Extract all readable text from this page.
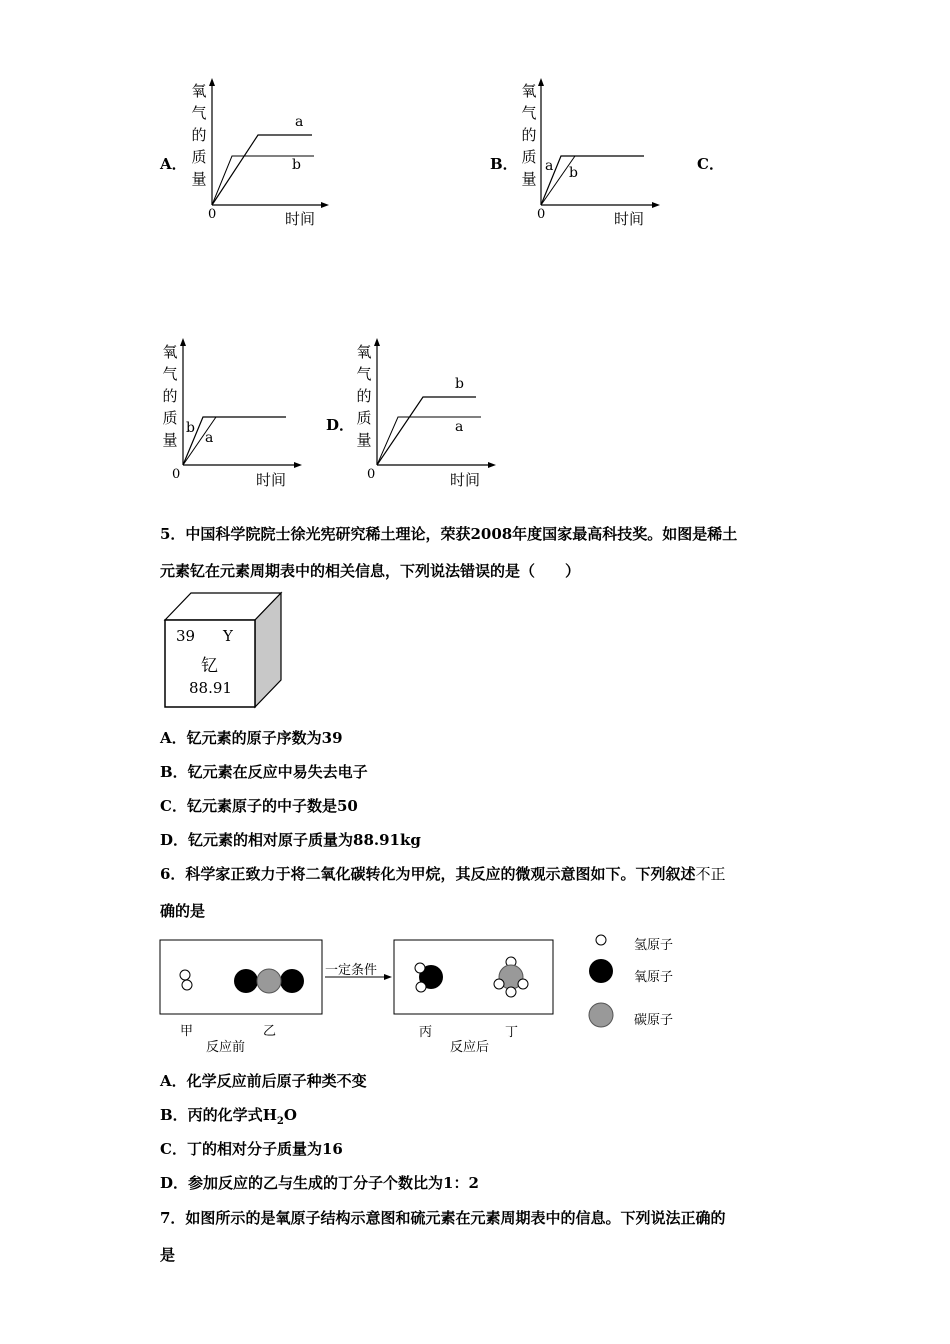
A．
氧
气
的
质
量
0	时间
a
b	B．
氧
气
的
质
量
0	时间
a b	C．
氧
气
的
质
量
0	时间
b
a
D．
氧
气
的
质
量
0	时间
b
a
5．中国科学院院士徐光宪研究稀土理论，荣获2008年度国家最高科技奖。如图是稀土
元素钇在元素周期表中的相关信息，下列说法错误的是（　　）
39 Y
钇
88.91
A．钇元素的原子序数为39
B．钇元素在反应中易失去电子
C．钇元素原子的中子数是50
D．钇元素的相对原子质量为88.91kg
6．科学家正致力于将二氧化碳转化为甲烷，其反应的微观示意图如下。下列叙述不正
确的是
一定条件
甲	乙
反应前
丙	丁
反应后
氢原子
氧原子
碳原子
A．化学反应前后原子种类不变
B．丙的化学式$H_2O$
C．丁的相对分子质量为16
D．参加反应的乙与生成的丁分子个数比为1：2
7．如图所示的是氧原子结构示意图和硫元素在元素周期表中的信息。下列说法正确的
是
